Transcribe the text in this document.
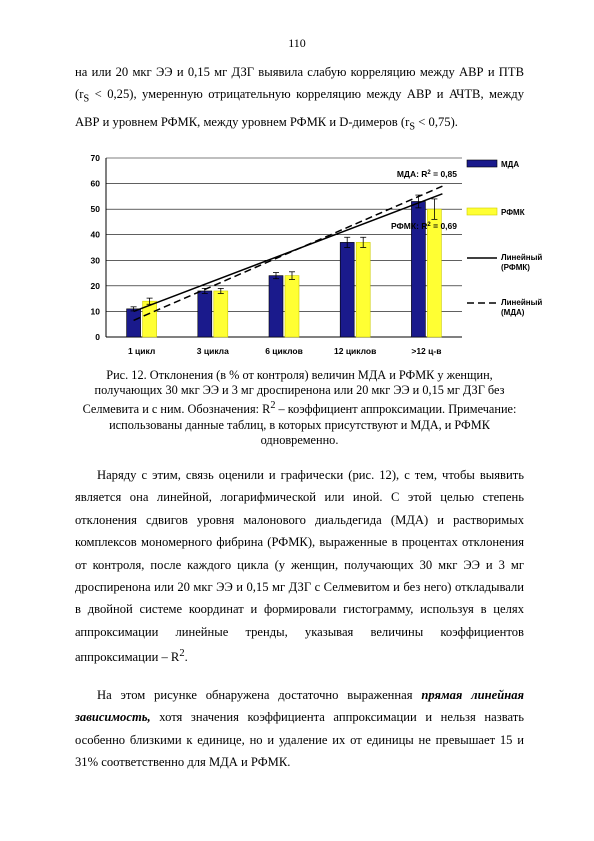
110

на или 20 мкг ЭЭ и 0,15 мг ДЗГ выявила слабую корреляцию между АВР и ПТВ $(r_S < 0,25)$, умеренную отрицательную корреляцию между АВР и АЧТВ, между АВР и уровнем РФМК, между уровнем РФМК и D-димеров $(r_S < 0,75)$.

0
10
20
30
40
50
60
70
1 цикл	3 цикла	6 циклов	12 циклов	>12 ц-в
МДА: $R^2 = 0,85$
РФМК: $R^2 = 0,69$
МДА
РФМК
Линейный
(РФМК)
Линейный
(МДА)

Рис. 12. Отклонения (в % от контроля) величин МДА и РФМК у женщин, получающих 30 мкг ЭЭ и 3 мг дроспиренона или 20 мкг ЭЭ и 0,15 мг ДЗГ без Селмевита и с ним. Обозначения: $R^2$ – коэффициент аппроксимации. Примечание: использованы данные таблиц, в которых присутствуют и МДА, и РФМК одновременно.

Наряду с этим, связь оценили и графически (рис. 12), с тем, чтобы выявить является она линейной, логарифмической или иной. С этой целью степень отклонения сдвигов уровня малонового диальдегида (МДА) и растворимых комплексов мономерного фибрина (РФМК), выраженные в процентах отклонения от контроля, после каждого цикла (у женщин, получающих 30 мкг ЭЭ и 3 мг дроспиренона или 20 мкг ЭЭ и 0,15 мг ДЗГ с Селмевитом и без него) откладывали в двойной системе координат и формировали гистограмму, используя в целях аппроксимации линейные тренды, указывая величины коэффициентов аппроксимации – $R^2$.

На этом рисунке обнаружена достаточно выраженная прямая линейная зависимость, хотя значения коэффициента аппроксимации и нельзя назвать особенно близкими к единице, но и удаление их от единицы не превышает 15 и 31% соответственно для МДА и РФМК.
